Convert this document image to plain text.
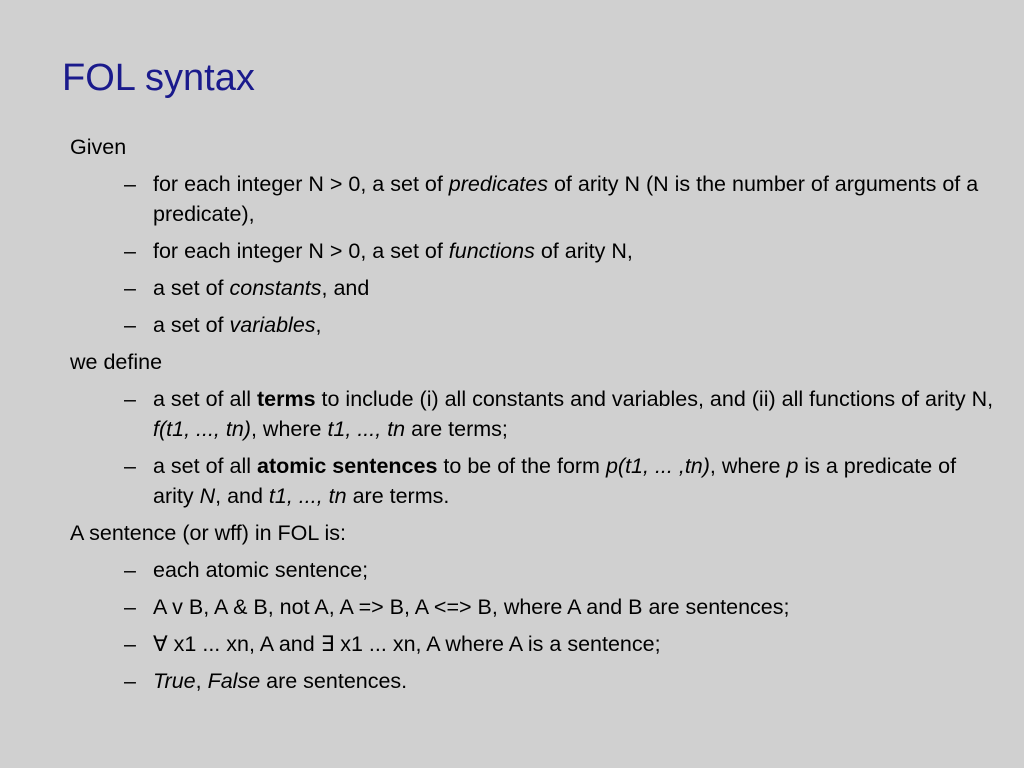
FOL syntax
Given
– for each integer N > 0, a set of predicates of arity N (N is the number of arguments of a predicate),
– for each integer N > 0, a set of functions of arity N,
– a set of constants, and
– a set of variables,
we define
– a set of all terms to include (i) all constants and variables, and (ii) all functions of arity N, f(t1, ..., tn), where t1, ..., tn are terms;
– a set of all atomic sentences to be of the form p(t1, ... ,tn), where p is a predicate of arity N, and t1, ..., tn are terms.
A sentence (or wff) in FOL is:
– each atomic sentence;
– A v B, A & B, not A, A => B, A <=> B, where A and B are sentences;
– ∀ x1 ... xn, A and ∃ x1 ... xn, A where A is a sentence;
– True, False are sentences.
